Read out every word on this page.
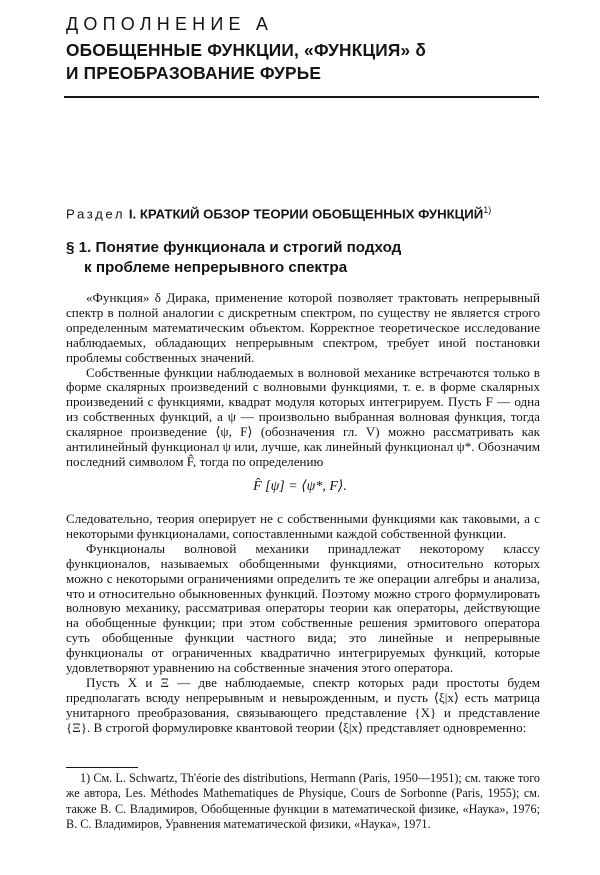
ДОПОЛНЕНИЕ А
ОБОБЩЕННЫЕ ФУНКЦИИ, «ФУНКЦИЯ» δ
И ПРЕОБРАЗОВАНИЕ ФУРЬЕ
Раздел I. КРАТКИЙ ОБЗОР ТЕОРИИ ОБОБЩЕННЫХ ФУНКЦИЙ$^{1)}$
§ 1. Понятие функционала и строгий подход
к проблеме непрерывного спектра

«Функция» δ Дирака, применение которой позволяет трактовать непрерывный спектр в полной аналогии с дискретным спектром, по существу не является строго определенным математическим объектом. Корректное теоретическое исследование наблюдаемых, обладающих непрерывным спектром, требует иной постановки проблемы собственных значений.

Собственные функции наблюдаемых в волновой механике встречаются только в форме скалярных произведений с волновыми функциями, т. е. в форме скалярных произведений с функциями, квадрат модуля которых интегрируем. Пусть F — одна из собственных функций, а ψ — произвольно выбранная волновая функция, тогда скалярное произведение ⟨ψ, F⟩ (обозначения гл. V) можно рассматривать как антилинейный функционал ψ или, лучше, как линейный функционал ψ*. Обозначим последний символом F̂, тогда по определению

F̂ [ψ] = ⟨ψ*, F⟩.

Следовательно, теория оперирует не с собственными функциями как таковыми, а с некоторыми функционалами, сопоставленными каждой собственной функции.

Функционалы волновой механики принадлежат некоторому классу функционалов, называемых обобщенными функциями, относительно которых можно с некоторыми ограничениями определить те же операции алгебры и анализа, что и относительно обыкновенных функций. Поэтому можно строго формулировать волновую механику, рассматривая операторы теории как операторы, действующие на обобщенные функции; при этом собственные решения эрмитового оператора суть обобщенные функции частного вида; это линейные и непрерывные функционалы от ограниченных квадратично интегрируемых функций, которые удовлетворяют уравнению на собственные значения этого оператора.

Пусть X и Ξ — две наблюдаемые, спектр которых ради простоты будем предполагать всюду непрерывным и невырожденным, и пусть ⟨ξ|x⟩ есть матрица унитарного преобразования, связывающего представление {X} и представление {Ξ}. В строгой формулировке квантовой теории ⟨ξ|x⟩ представляет одновременно:

1) См. L. Schwartz, Th'éorie des distributions, Hermann (Paris, 1950—1951); см. также того же автора, Les. Méthodes Mathematiques de Physique, Cours de Sorbonne (Paris, 1955); см. также В. С. Владимиров, Обобщенные функции в математической физике, «Наука», 1976; В. С. Владимиров, Уравнения математической физики, «Наука», 1971.
